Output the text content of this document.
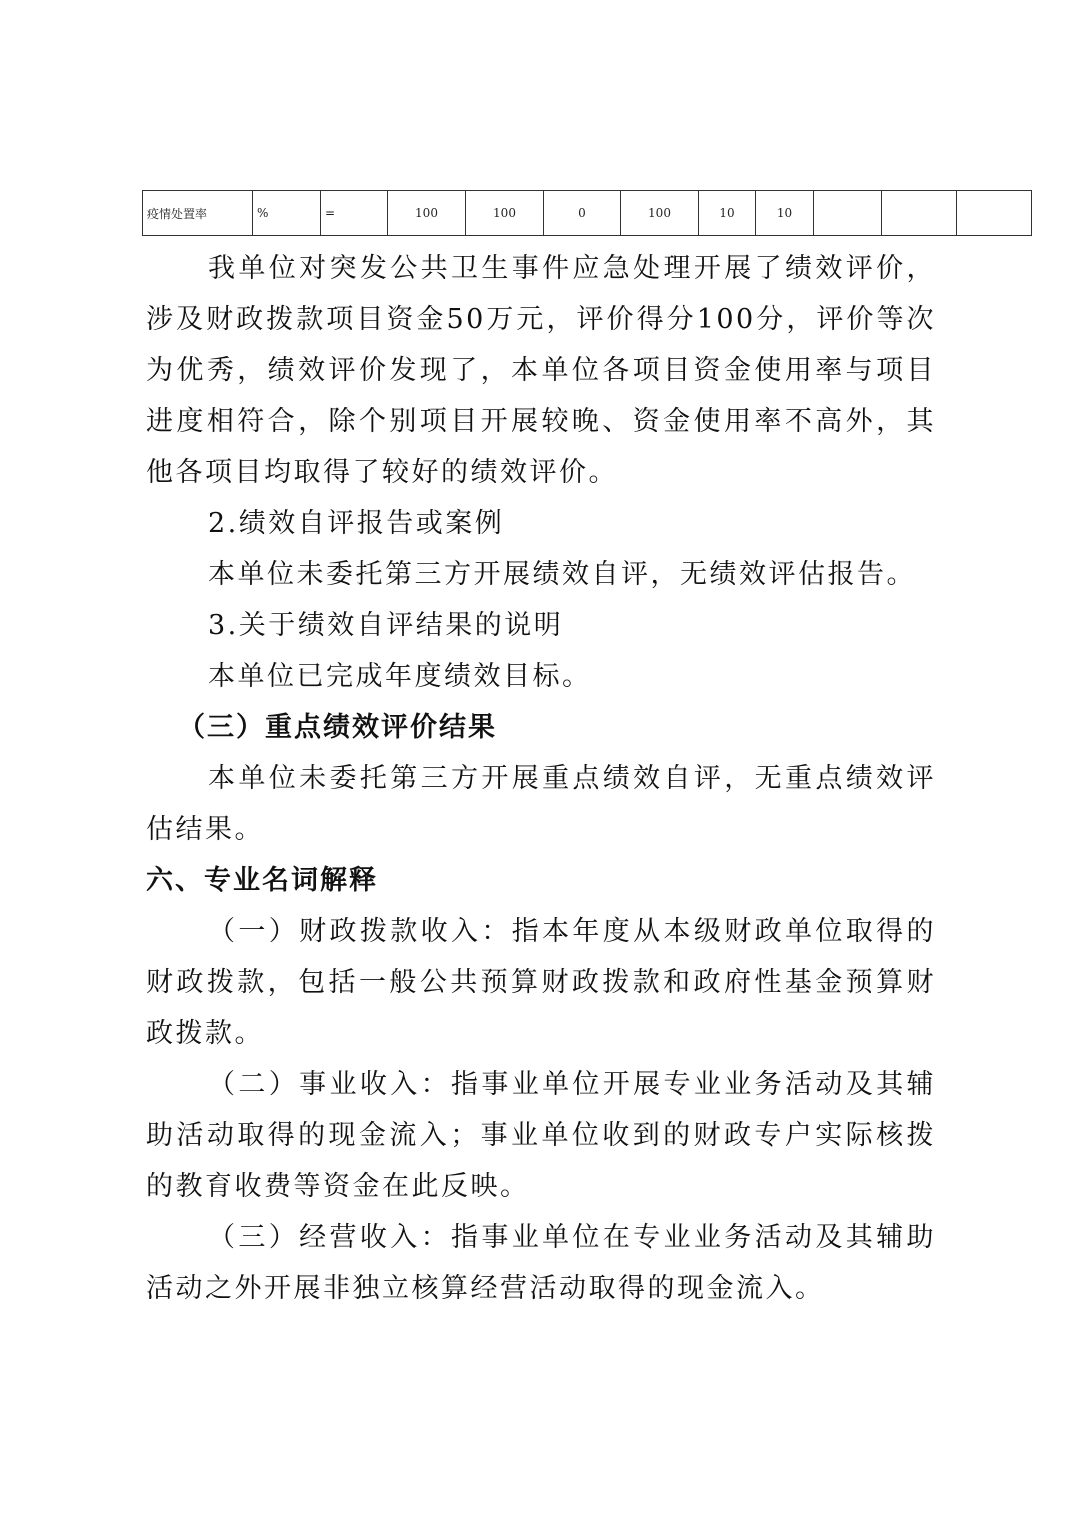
疫情处置率	%	=	100	100	0	100	10	10			

我单位对突发公共卫生事件应急处理开展了绩效评价，涉及财政拨款项目资金50万元，评价得分100分，评价等次为优秀，绩效评价发现了，本单位各项目资金使用率与项目进度相符合，除个别项目开展较晚、资金使用率不高外，其他各项目均取得了较好的绩效评价。

2.绩效自评报告或案例

本单位未委托第三方开展绩效自评，无绩效评估报告。

3.关于绩效自评结果的说明

本单位已完成年度绩效目标。

（三）重点绩效评价结果

本单位未委托第三方开展重点绩效自评，无重点绩效评估结果。

六、专业名词解释

（一）财政拨款收入：指本年度从本级财政单位取得的财政拨款，包括一般公共预算财政拨款和政府性基金预算财政拨款。

（二）事业收入：指事业单位开展专业业务活动及其辅助活动取得的现金流入；事业单位收到的财政专户实际核拨的教育收费等资金在此反映。

（三）经营收入：指事业单位在专业业务活动及其辅助活动之外开展非独立核算经营活动取得的现金流入。
